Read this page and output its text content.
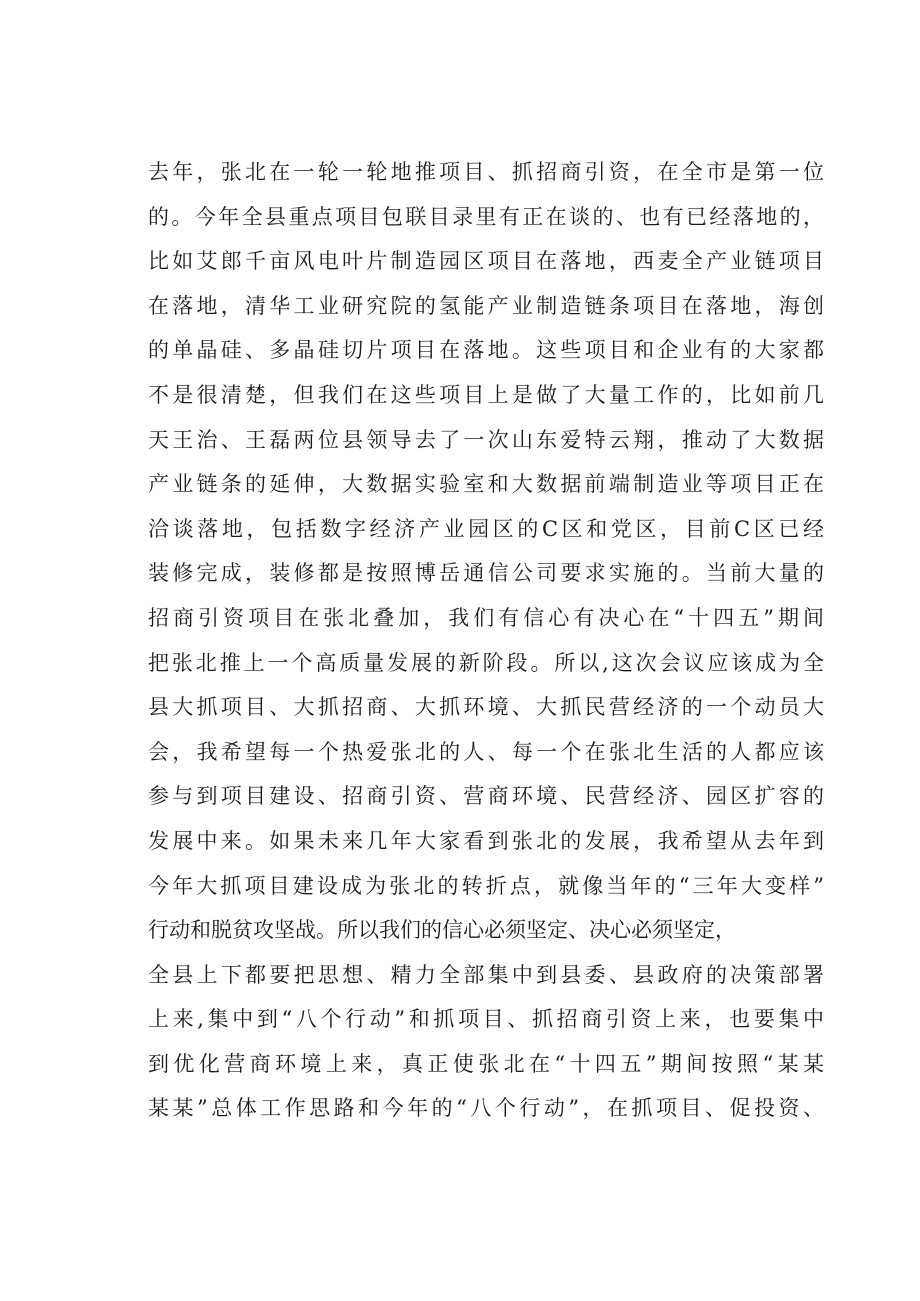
去年，张北在一轮一轮地推项目、抓招商引资，在全市是第一位
的。今年全县重点项目包联目录里有正在谈的、也有已经落地的，
比如艾郎千亩风电叶片制造园区项目在落地，西麦全产业链项目
在落地，清华工业研究院的氢能产业制造链条项目在落地，海创
的单晶硅、多晶硅切片项目在落地。这些项目和企业有的大家都
不是很清楚，但我们在这些项目上是做了大量工作的，比如前几
天王治、王磊两位县领导去了一次山东爱特云翔，推动了大数据
产业链条的延伸，大数据实验室和大数据前端制造业等项目正在
洽谈落地，包括数字经济产业园区的C区和党区，目前C区已经
装修完成，装修都是按照博岳通信公司要求实施的。当前大量的
招商引资项目在张北叠加，我们有信心有决心在“十四五”期间
把张北推上一个高质量发展的新阶段。所以,这次会议应该成为全
县大抓项目、大抓招商、大抓环境、大抓民营经济的一个动员大
会，我希望每一个热爱张北的人、每一个在张北生活的人都应该
参与到项目建设、招商引资、营商环境、民营经济、园区扩容的
发展中来。如果未来几年大家看到张北的发展，我希望从去年到
今年大抓项目建设成为张北的转折点，就像当年的“三年大变样”
行动和脱贫攻坚战。所以我们的信心必须坚定、决心必须坚定，
全县上下都要把思想、精力全部集中到县委、县政府的决策部署
上来,集中到“八个行动”和抓项目、抓招商引资上来，也要集中
到优化营商环境上来，真正使张北在“十四五”期间按照“某某
某某”总体工作思路和今年的“八个行动”，在抓项目、促投资、
